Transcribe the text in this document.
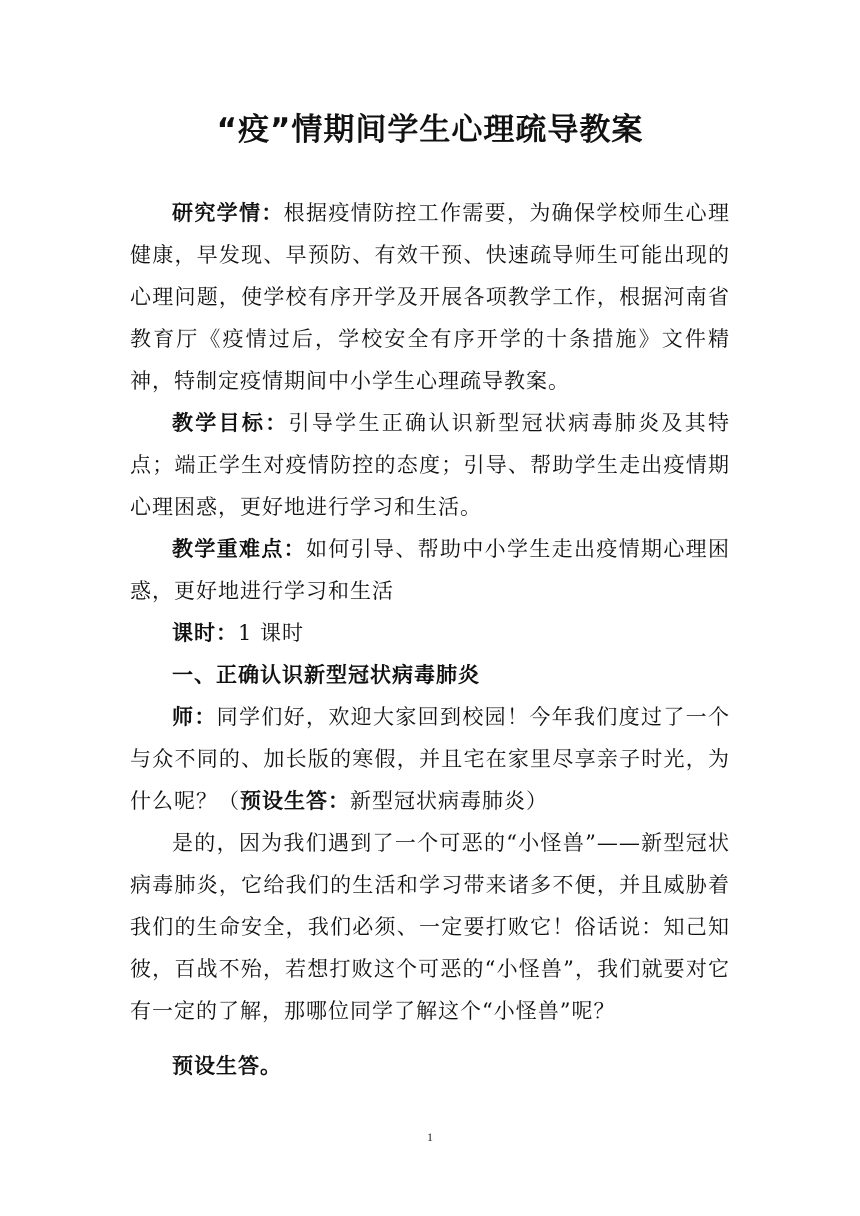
“疫”情期间学生心理疏导教案

研究学情：根据疫情防控工作需要，为确保学校师生心理健康，早发现、早预防、有效干预、快速疏导师生可能出现的心理问题，使学校有序开学及开展各项教学工作，根据河南省教育厅《疫情过后，学校安全有序开学的十条措施》文件精神，特制定疫情期间中小学生心理疏导教案。

教学目标：引导学生正确认识新型冠状病毒肺炎及其特点；端正学生对疫情防控的态度；引导、帮助学生走出疫情期心理困惑，更好地进行学习和生活。

教学重难点：如何引导、帮助中小学生走出疫情期心理困惑，更好地进行学习和生活

课时：1 课时

一、正确认识新型冠状病毒肺炎

师：同学们好，欢迎大家回到校园！今年我们度过了一个与众不同的、加长版的寒假，并且宅在家里尽享亲子时光，为什么呢？（预设生答：新型冠状病毒肺炎）

是的，因为我们遇到了一个可恶的“小怪兽”——新型冠状病毒肺炎，它给我们的生活和学习带来诸多不便，并且威胁着我们的生命安全，我们必须、一定要打败它！俗话说：知己知彼，百战不殆，若想打败这个可恶的“小怪兽”，我们就要对它有一定的了解，那哪位同学了解这个“小怪兽”呢？

预设生答。

1
